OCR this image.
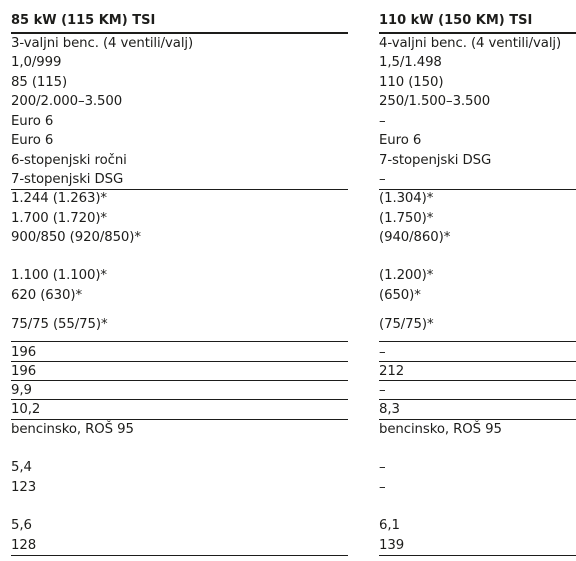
85 kW (115 KM) TSI
3-valjni benc. (4 ventili/valj)
1,0/999
85 (115)
200/2.000–3.500
Euro 6
Euro 6
6-stopenjski ročni
7-stopenjski DSG
1.244 (1.263)*
1.700 (1.720)*
900/850 (920/850)*
1.100 (1.100)*
620 (630)*
75/75 (55/75)*
196
196
9,9
10,2
bencinsko, ROŠ 95
5,4
123
5,6
128
110 kW (150 KM) TSI
4-valjni benc. (4 ventili/valj)
1,5/1.498
110 (150)
250/1.500–3.500
–
Euro 6
7-stopenjski DSG
–
(1.304)*
(1.750)*
(940/860)*
(1.200)*
(650)*
(75/75)*
–
212
–
8,3
bencinsko, ROŠ 95
–
–
6,1
139
